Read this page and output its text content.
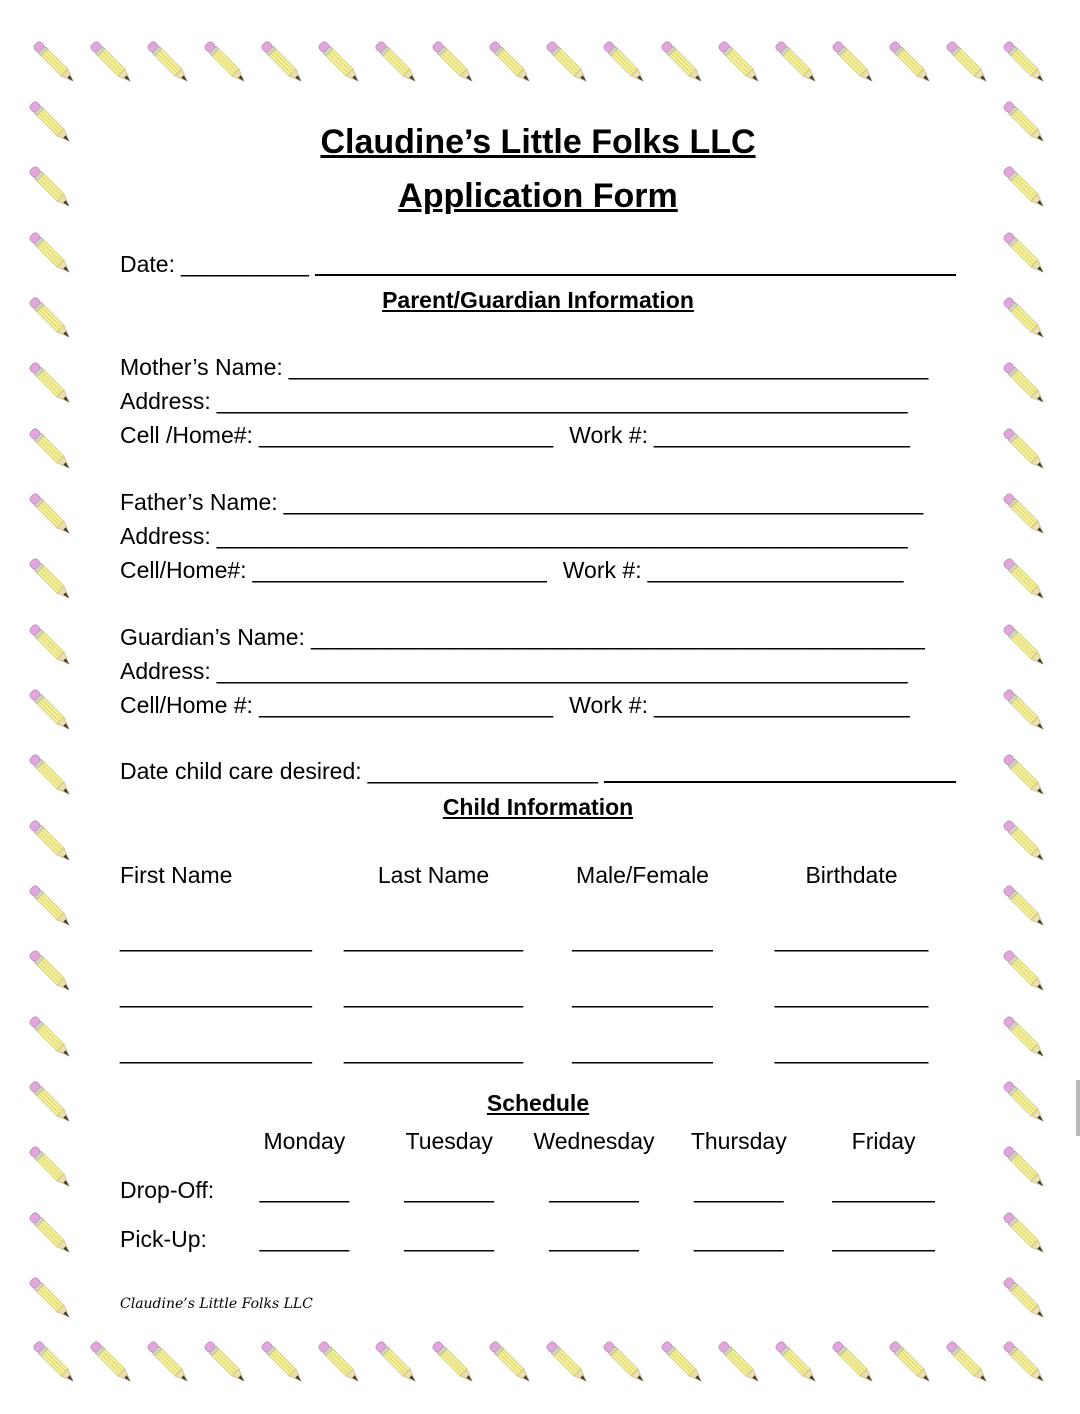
Claudine’s Little Folks LLC
Application Form
Date: __________
Parent/Guardian Information
Mother’s Name: __________________________________________________
Address: ______________________________________________________
Cell /Home#: _______________________ Work #: ____________________
Father’s Name: __________________________________________________
Address: ______________________________________________________
Cell/Home#: _______________________ Work #: ____________________
Guardian’s Name: ________________________________________________
Address: ______________________________________________________
Cell/Home #: _______________________ Work #: ____________________
Date child care desired: __________________
Child Information
First Name	Last Name	Male/Female	Birthdate
_______________	______________	___________	____________
_______________	______________	___________	____________
_______________	______________	___________	____________
Schedule
Monday	Tuesday	Wednesday	Thursday	Friday
Drop-Off:	_______	_______	_______	_______	________
Pick-Up:	_______	_______	_______	_______	________
Claudine’s Little Folks LLC
